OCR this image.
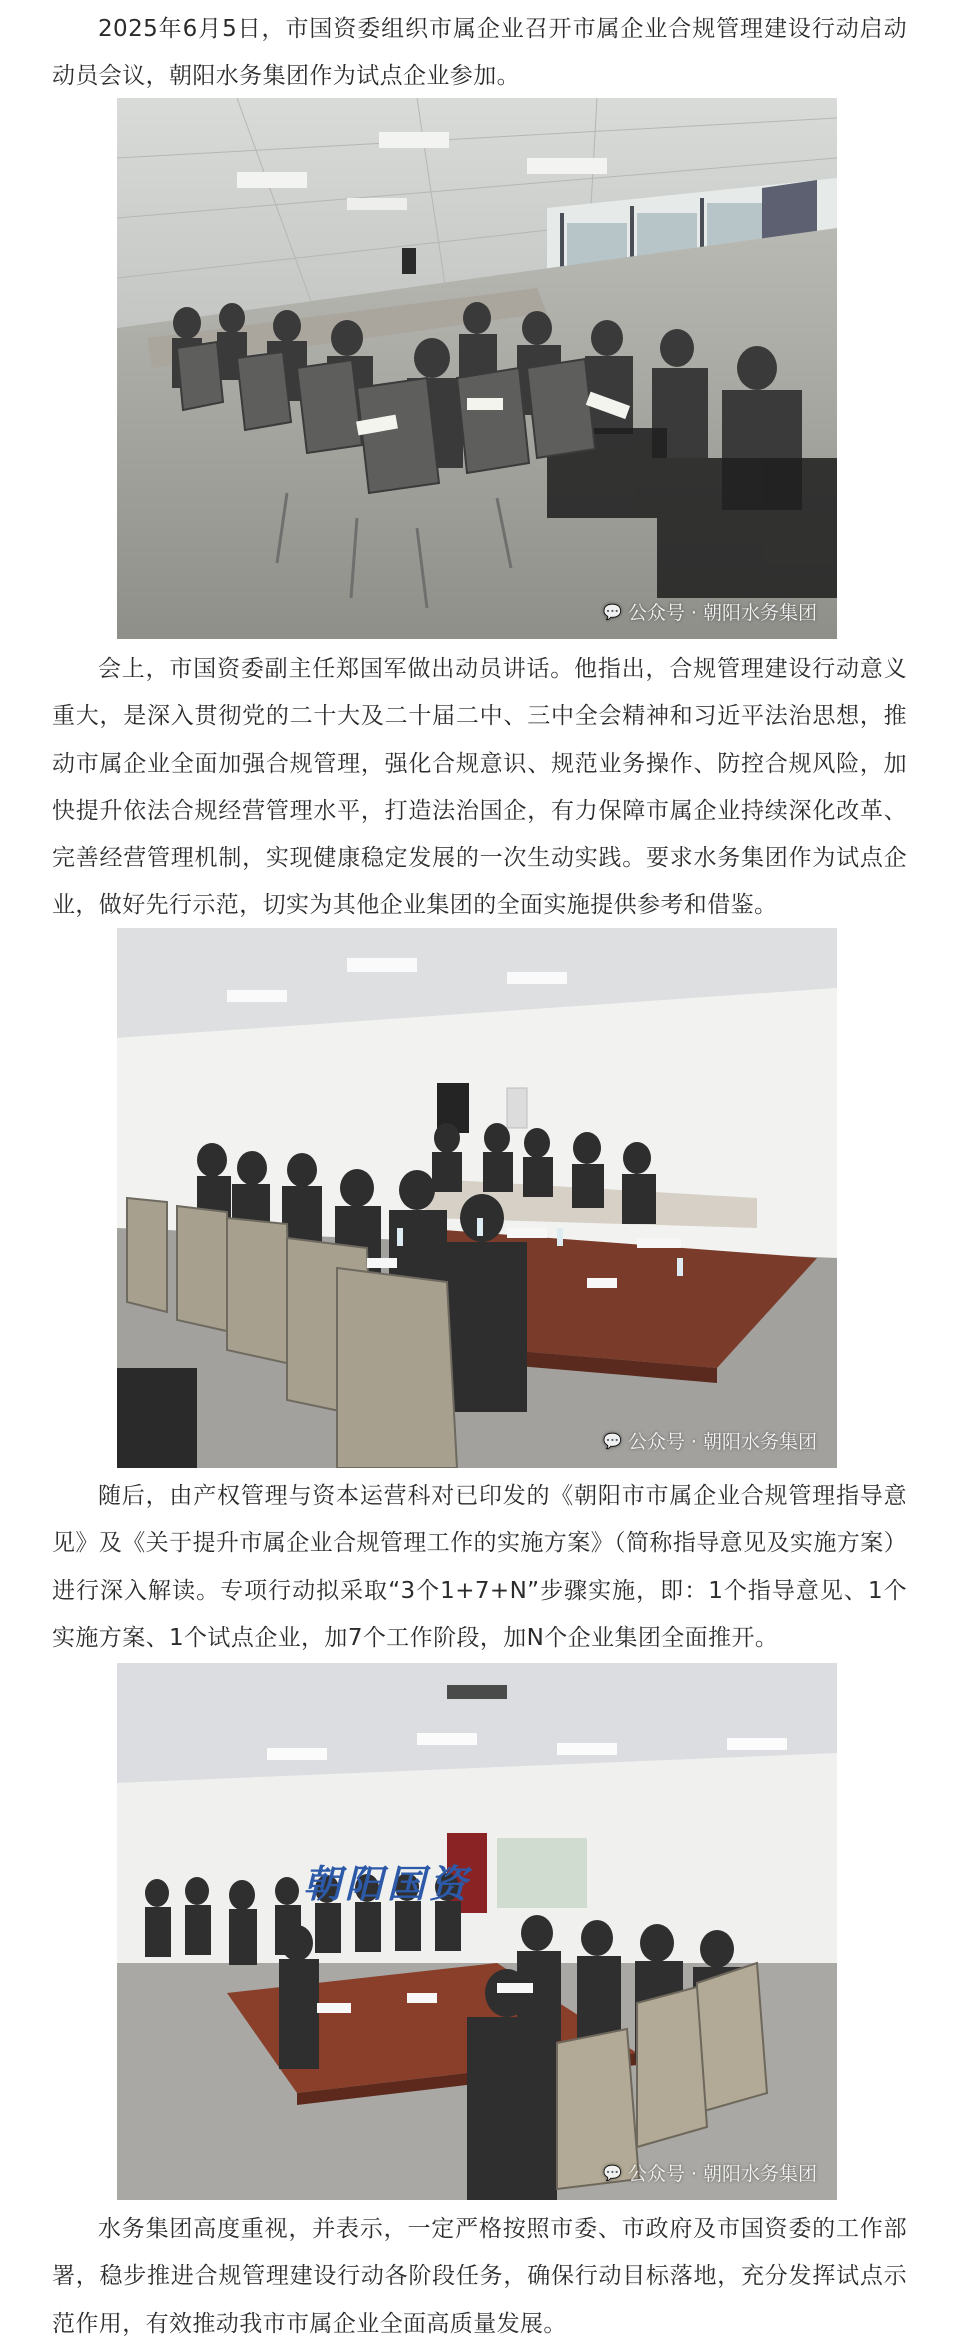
2025年6月5日，市国资委组织市属企业召开市属企业合规管理建设行动启动动员会议，朝阳水务集团作为试点企业参加。

💬 公众号 · 朝阳水务集团

会上，市国资委副主任郑国军做出动员讲话。他指出，合规管理建设行动意义重大，是深入贯彻党的二十大及二十届二中、三中全会精神和习近平法治思想，推动市属企业全面加强合规管理，强化合规意识、规范业务操作、防控合规风险，加快提升依法合规经营管理水平，打造法治国企，有力保障市属企业持续深化改革、完善经营管理机制，实现健康稳定发展的一次生动实践。要求水务集团作为试点企业，做好先行示范，切实为其他企业集团的全面实施提供参考和借鉴。

💬 公众号 · 朝阳水务集团

随后，由产权管理与资本运营科对已印发的《朝阳市市属企业合规管理指导意见》及《关于提升市属企业合规管理工作的实施方案》（简称指导意见及实施方案）进行深入解读。专项行动拟采取“3个1+7+N”步骤实施，即：1个指导意见、1个实施方案、1个试点企业，加7个工作阶段，加N个企业集团全面推开。

朝阳国资
💬 公众号 · 朝阳水务集团

水务集团高度重视，并表示，一定严格按照市委、市政府及市国资委的工作部署，稳步推进合规管理建设行动各阶段任务，确保行动目标落地，充分发挥试点示范作用，有效推动我市市属企业全面高质量发展。
